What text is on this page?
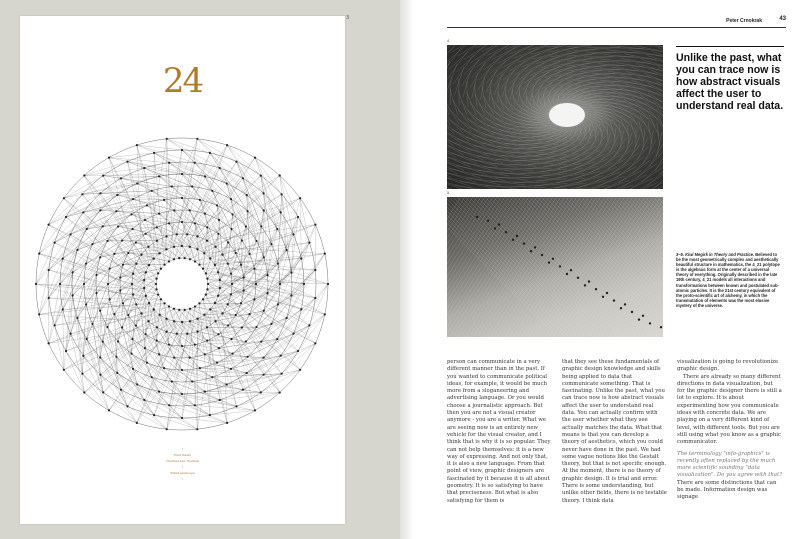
24
•
Emil Naebj
Thermal and Thermal
•
Emil/Landscape
•
3	Peter Crnokrak	43
4
5
Unlike the past, what you can trace now is how abstract visuals affect the user to understand real data.
3–5. Kiwi Megirk in Theory and Practice. Believed to be the most geometrically complex and aesthetically beautiful structure in mathematics, the 4_21 polytope is the algebraic form at the center of a universal theory of everything. Originally described in the late 19th century, 4_21 models all interactions and transformations between known and postulated sub-atomic particles. It is the 21st century equivalent of the proto-scientific art of alchemy, in which the transmutation of elements was the most elusive mystery of the universe.

person can communicate in a very different manner than in the past. If you wanted to communicate political ideas, for example, it would be much more from a sloganeering and advertising language. Or you would choose a journalistic approach. But then you are not a visual creator anymore - you are a writer. What we are seeing now is an entirely new vehicle for the visual creator, and I think that is why it is so popular. They can not help themselves: it is a new way of expressing. And not only that, it is also a new language. From that point of view, graphic designers are fascinated by it because it is all about geometry. It is so satisfying to have that preciseness. But what is also satisfying for them is

that they see these fundamentals of graphic design knowledge and skills being applied to data that communicate something. That is fascinating. Unlike the past, what you can trace now is how abstract visuals affect the user to understand real data. You can actually confirm with the user whether what they see actually matches the data. What that means is that you can develop a theory of aesthetics, which you could never have done in the past. We had some vague notions like the Gestalt theory, but that is not specific enough. At the moment, there is no theory of graphic design. It is trial and error. There is some understanding, but unlike other fields, there is no testable theory. I think data

visualization is going to revolutionize graphic design.

There are already so many different directions in data visualization, but for the graphic designer there is still a lot to explore. It is about experimenting how you communicate ideas with concrete data. We are playing on a very different kind of level, with different tools. But you are still using what you know as a graphic communicator.

The terminology "info-graphics" is recently often replaced by the much more scientific sounding "data visualization". Do you agree with that?

There are some distinctions that can be made. Information design was signage
